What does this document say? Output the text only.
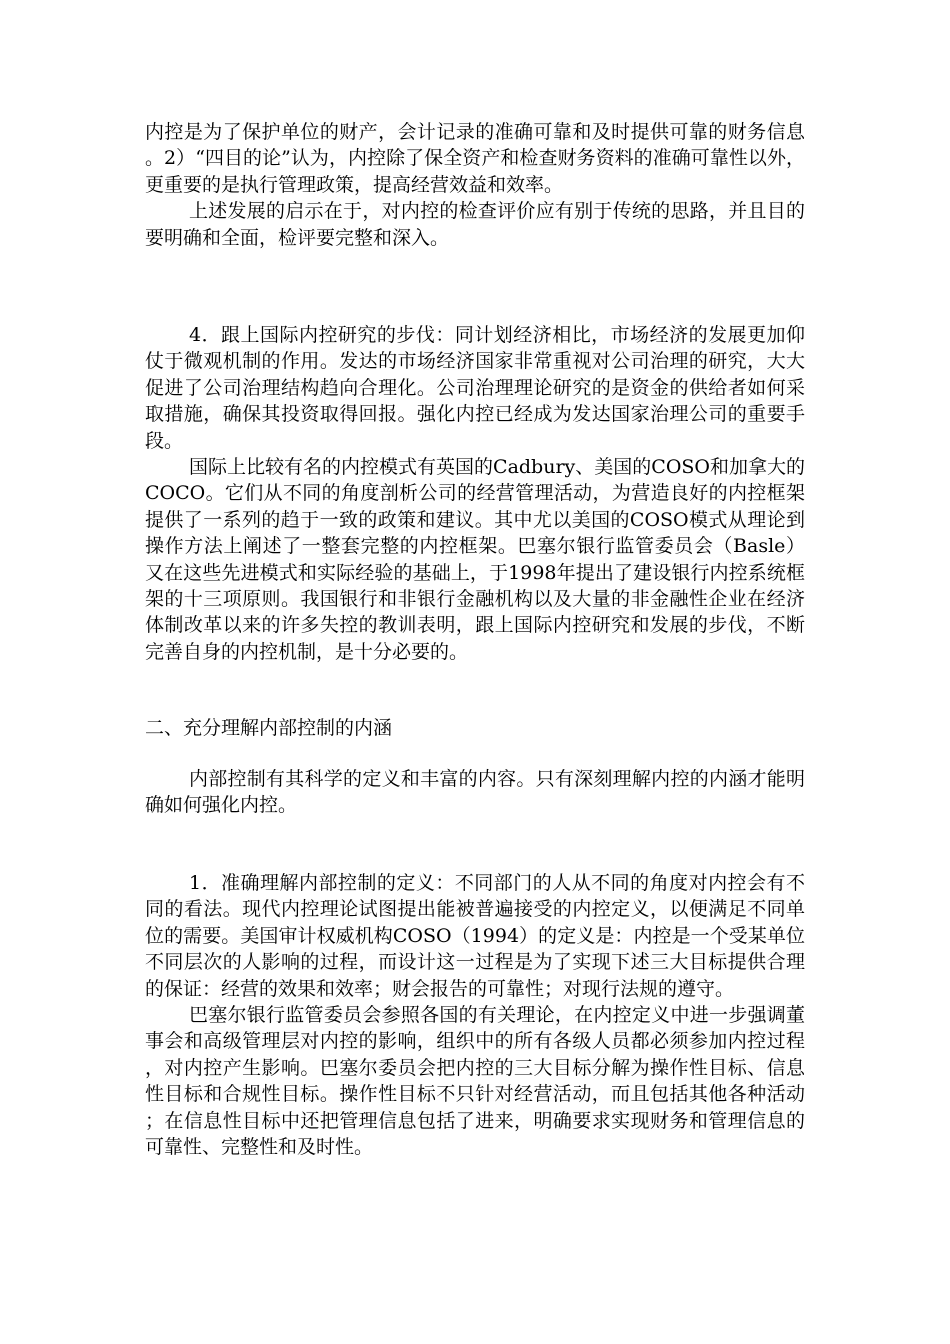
内控是为了保护单位的财产，会计记录的准确可靠和及时提供可靠的财务信息。2）“四目的论”认为，内控除了保全资产和检查财务资料的准确可靠性以外，更重要的是执行管理政策，提高经营效益和效率。

上述发展的启示在于，对内控的检查评价应有别于传统的思路，并且目的要明确和全面，检评要完整和深入。

4．跟上国际内控研究的步伐：同计划经济相比，市场经济的发展更加仰仗于微观机制的作用。发达的市场经济国家非常重视对公司治理的研究，大大促进了公司治理结构趋向合理化。公司治理理论研究的是资金的供给者如何采取措施，确保其投资取得回报。强化内控已经成为发达国家治理公司的重要手段。

国际上比较有名的内控模式有英国的Cadbury、美国的COSO和加拿大的COCO。它们从不同的角度剖析公司的经营管理活动，为营造良好的内控框架提供了一系列的趋于一致的政策和建议。其中尤以美国的COSO模式从理论到操作方法上阐述了一整套完整的内控框架。巴塞尔银行监管委员会（Basle）又在这些先进模式和实际经验的基础上，于1998年提出了建设银行内控系统框架的十三项原则。我国银行和非银行金融机构以及大量的非金融性企业在经济体制改革以来的许多失控的教训表明，跟上国际内控研究和发展的步伐，不断完善自身的内控机制，是十分必要的。

二、充分理解内部控制的内涵

内部控制有其科学的定义和丰富的内容。只有深刻理解内控的内涵才能明确如何强化内控。

1．准确理解内部控制的定义：不同部门的人从不同的角度对内控会有不同的看法。现代内控理论试图提出能被普遍接受的内控定义，以便满足不同单位的需要。美国审计权威机构COSO（1994）的定义是：内控是一个受某单位不同层次的人影响的过程，而设计这一过程是为了实现下述三大目标提供合理的保证：经营的效果和效率；财会报告的可靠性；对现行法规的遵守。

巴塞尔银行监管委员会参照各国的有关理论，在内控定义中进一步强调董事会和高级管理层对内控的影响，组织中的所有各级人员都必须参加内控过程，对内控产生影响。巴塞尔委员会把内控的三大目标分解为操作性目标、信息性目标和合规性目标。操作性目标不只针对经营活动，而且包括其他各种活动；在信息性目标中还把管理信息包括了进来，明确要求实现财务和管理信息的可靠性、完整性和及时性。
